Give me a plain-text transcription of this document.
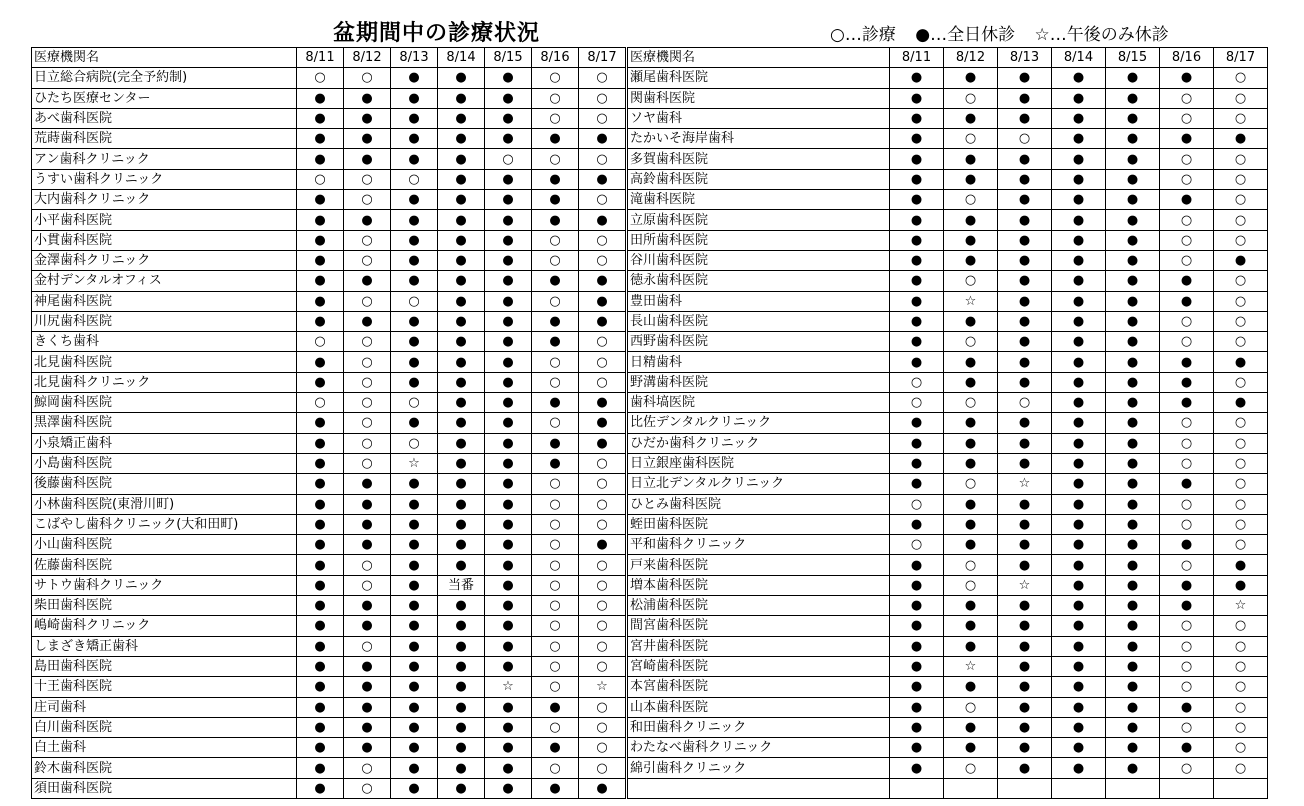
盆期間中の診療状況	○…診療 ●…全日休診 ☆…午後のみ休診
医療機関名	8/11	8/12	8/13	8/14	8/15	8/16	8/17
日立総合病院(完全予約制)	○	○	●	●	●	○	○
ひたち医療センター	●	●	●	●	●	○	○
あべ歯科医院	●	●	●	●	●	○	○
荒蒔歯科医院	●	●	●	●	●	●	●
アン歯科クリニック	●	●	●	●	○	○	○
うすい歯科クリニック	○	○	○	●	●	●	●
大内歯科クリニック	●	○	●	●	●	●	○
小平歯科医院	●	●	●	●	●	●	●
小貫歯科医院	●	○	●	●	●	○	○
金澤歯科クリニック	●	○	●	●	●	○	○
金村デンタルオフィス	●	●	●	●	●	●	●
神尾歯科医院	●	○	○	●	●	○	●
川尻歯科医院	●	●	●	●	●	●	●
きくち歯科	○	○	●	●	●	●	○
北見歯科医院	●	○	●	●	●	○	○
北見歯科クリニック	●	○	●	●	●	○	○
鯨岡歯科医院	○	○	○	●	●	●	●
黒澤歯科医院	●	○	●	●	●	○	●
小泉矯正歯科	●	○	○	●	●	●	●
小島歯科医院	●	○	☆	●	●	●	○
後藤歯科医院	●	●	●	●	●	○	○
小林歯科医院(東滑川町)	●	●	●	●	●	○	○
こばやし歯科クリニック(大和田町)	●	●	●	●	●	○	○
小山歯科医院	●	●	●	●	●	○	●
佐藤歯科医院	●	○	●	●	●	○	○
サトウ歯科クリニック	●	○	●	当番	●	○	○
柴田歯科医院	●	●	●	●	●	○	○
嶋崎歯科クリニック	●	●	●	●	●	○	○
しまざき矯正歯科	●	○	●	●	●	○	○
島田歯科医院	●	●	●	●	●	○	○
十王歯科医院	●	●	●	●	☆	○	☆
庄司歯科	●	●	●	●	●	●	○
白川歯科医院	●	●	●	●	●	○	○
白土歯科	●	●	●	●	●	●	○
鈴木歯科医院	●	○	●	●	●	○	○
須田歯科医院	●	○	●	●	●	●	●
医療機関名	8/11	8/12	8/13	8/14	8/15	8/16	8/17
瀬尾歯科医院	●	●	●	●	●	●	○
関歯科医院	●	○	●	●	●	○	○
ソヤ歯科	●	●	●	●	●	○	○
たかいそ海岸歯科	●	○	○	●	●	●	●
多賀歯科医院	●	●	●	●	●	○	○
高鈴歯科医院	●	●	●	●	●	○	○
滝歯科医院	●	○	●	●	●	●	○
立原歯科医院	●	●	●	●	●	○	○
田所歯科医院	●	●	●	●	●	○	○
谷川歯科医院	●	●	●	●	●	○	●
徳永歯科医院	●	○	●	●	●	●	○
豊田歯科	●	☆	●	●	●	●	○
長山歯科医院	●	●	●	●	●	○	○
西野歯科医院	●	○	●	●	●	○	○
日精歯科	●	●	●	●	●	●	●
野溝歯科医院	○	●	●	●	●	●	○
歯科塙医院	○	○	○	●	●	●	●
比佐デンタルクリニック	●	●	●	●	●	○	○
ひだか歯科クリニック	●	●	●	●	●	○	○
日立銀座歯科医院	●	●	●	●	●	○	○
日立北デンタルクリニック	●	○	☆	●	●	●	○
ひとみ歯科医院	○	●	●	●	●	○	○
蛭田歯科医院	●	●	●	●	●	○	○
平和歯科クリニック	○	●	●	●	●	●	○
戸来歯科医院	●	○	●	●	●	○	●
増本歯科医院	●	○	☆	●	●	●	●
松浦歯科医院	●	●	●	●	●	●	☆
間宮歯科医院	●	●	●	●	●	○	○
宮井歯科医院	●	●	●	●	●	○	○
宮崎歯科医院	●	☆	●	●	●	○	○
本宮歯科医院	●	●	●	●	●	○	○
山本歯科医院	●	○	●	●	●	●	○
和田歯科クリニック	●	●	●	●	●	○	○
わたなべ歯科クリニック	●	●	●	●	●	●	○
綿引歯科クリニック	●	○	●	●	●	○	○
